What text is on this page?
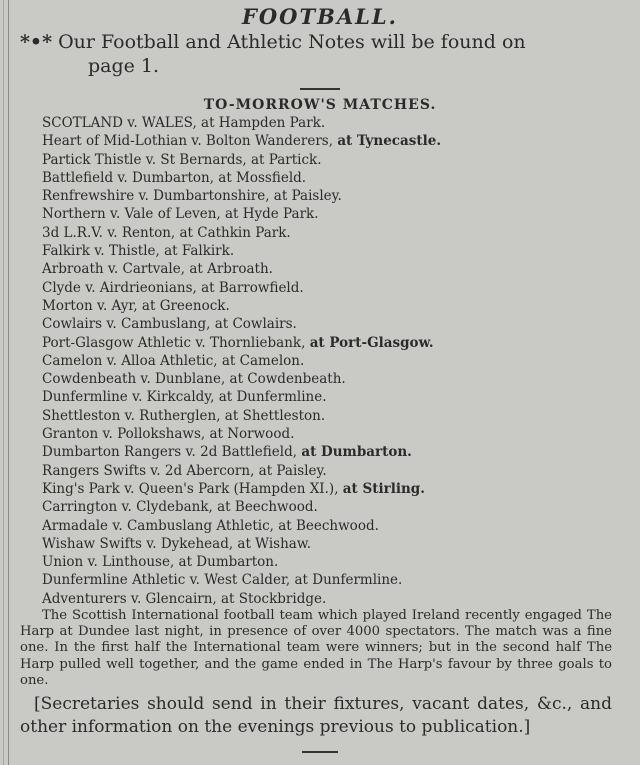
FOOTBALL.
*•* Our Football and Athletic Notes will be found on
page 1.
TO-MORROW'S MATCHES.
SCOTLAND v. WALES, at Hampden Park.
Heart of Mid-Lothian v. Bolton Wanderers, at Tynecastle.
Partick Thistle v. St Bernards, at Partick.
Battlefield v. Dumbarton, at Mossfield.
Renfrewshire v. Dumbartonshire, at Paisley.
Northern v. Vale of Leven, at Hyde Park.
3d L.R.V. v. Renton, at Cathkin Park.
Falkirk v. Thistle, at Falkirk.
Arbroath v. Cartvale, at Arbroath.
Clyde v. Airdrieonians, at Barrowfield.
Morton v. Ayr, at Greenock.
Cowlairs v. Cambuslang, at Cowlairs.
Port-Glasgow Athletic v. Thornliebank, at Port-Glasgow.
Camelon v. Alloa Athletic, at Camelon.
Cowdenbeath v. Dunblane, at Cowdenbeath.
Dunfermline v. Kirkcaldy, at Dunfermline.
Shettleston v. Rutherglen, at Shettleston.
Granton v. Pollokshaws, at Norwood.
Dumbarton Rangers v. 2d Battlefield, at Dumbarton.
Rangers Swifts v. 2d Abercorn, at Paisley.
King's Park v. Queen's Park (Hampden XI.), at Stirling.
Carrington v. Clydebank, at Beechwood.
Armadale v. Cambuslang Athletic, at Beechwood.
Wishaw Swifts v. Dykehead, at Wishaw.
Union v. Linthouse, at Dumbarton.
Dunfermline Athletic v. West Calder, at Dunfermline.
Adventurers v. Glencairn, at Stockbridge.

The Scottish International football team which played Ireland recently engaged The Harp at Dundee last night, in presence of over 4000 spectators. The match was a fine one. In the first half the International team were winners; but in the second half The Harp pulled well together, and the game ended in The Harp's favour by three goals to one.

[Secretaries should send in their fixtures, vacant dates, &c., and other information on the evenings previous to publication.]
